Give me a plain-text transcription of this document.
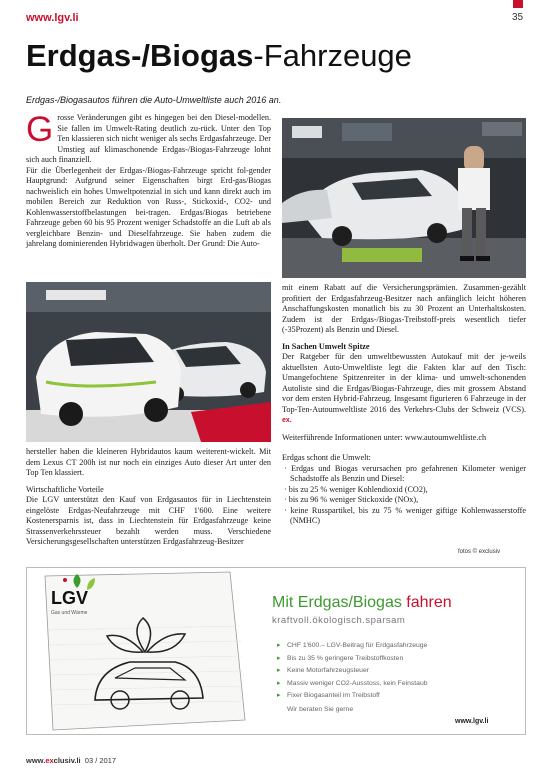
www.lgv.li	35
Erdgas-/Biogas-Fahrzeuge
Erdgas-/Biogasautos führen die Auto-Umweltliste auch 2016 an.
G rosse Veränderungen gibt es hingegen bei den Diesel-modellen. Sie fallen im Umwelt-Rating deutlich zu-rück. Unter den Top Ten klassieren sich nicht weniger als sechs Erdgasfahrzeuge. Der Umstieg auf klimaschonende Erdgas-/Biogas-Fahrzeuge lohnt sich auch finanziell.

Für die Überlegenheit der Erdgas-/Biogas-Fahrzeuge spricht fol-gender Hauptgrund: Aufgrund seiner Eigenschaften birgt Erd-gas/Biogas nachweislich ein hohes Umweltpotenzial in sich und kann direkt auch im mobilen Bereich zur Reduktion von Russ-, Stickoxid-, CO2- und Kohlenwasserstoffbelastungen bei-tragen. Erdgas/Biogas betriebene Fahrzeuge geben 60 bis 95 Prozent weniger Schadstoffe an die Luft ab als vergleichbare Benzin- und Dieselfahrzeuge. Sie haben zudem die jahrelang dominierenden Hybridwagen überholt. Der Grund: Die Auto-

mit einem Rabatt auf die Versicherungsprämien. Zusammen-gezählt profitiert der Erdgasfahrzeug-Besitzer nach anfänglich leicht höheren Anschaffungskosten monatlich bis zu 30 Prozent an Unterhaltskosten. Zudem ist der Erdgas-/Biogas-Treibstoff-preis wesentlich tiefer (-35Prozent) als Benzin und Diesel.

In Sachen Umwelt Spitze

Der Ratgeber für den umweltbewussten Autokauf mit der je-weils aktuellsten Auto-Umweltliste legt die Fakten klar auf den Tisch: Umangefochtene Spitzenreiter in der klima- und umwelt-schonenden Autoliste sind die Erdgas/Biogas-Fahrzeuge, dies mit grossem Abstand vor dem ersten Hybrid-Fahrzeug. Insgesamt figurieren 6 Fahrzeuge in der Top-Ten-Autoumweltliste 2016 des Verkehrs-Clubs der Schweiz (VCS). ex.

Weiterführende Informationen unter: www.autoumweltliste.ch

Erdgas schont die Umwelt:

· Erdgas und Biogas verursachen pro gefahrenen Kilometer weniger Schadstoffe als Benzin und Diesel:

· bis zu 25 % weniger Kohlendioxid (CO2),

· bis zu 96 % weniger Stickoxide (NOx),

· keine Russpartikel, bis zu 75 % weniger giftige Kohlenwasserstoffe (NMHC)

hersteller haben die kleineren Hybridautos kaum weiterent-wickelt. Mit dem Lexus CT 200h ist nur noch ein einziges Auto dieser Art unter den Top Ten klassiert.

Wirtschaftliche Vorteile

Die LGV unterstützt den Kauf von Erdgasautos für in Liechtenstein eingelöste Erdgas-Neufahrzeuge mit CHF 1'600. Eine weitere Kostenersparnis ist, dass in Liechtenstein für Erdgasfahrzeuge keine Strassenverkehrssteuer bezahlt werden muss. Verschiedene Versicherungsgesellschaften unterstützen Erdgasfahrzeug-Besitzer

fotos © exclusiv
LGV
Gas und Wärme
Mit Erdgas/Biogas fahren
kraftvoll.ökologisch.sparsam
▸ CHF 1'600.– LGV-Beitrag für Erdgasfahrzeuge
▸ Bis zu 35 % geringere Treibstoffkosten
▸ Keine Motorfahrzeugsteuer
▸ Massiv weniger CO2-Ausstoss, kein Feinstaub
▸ Fixer Biogasanteil im Treibstoff
Wir beraten Sie gerne
www.lgv.li
www.exclusiv.li 03 / 2017
